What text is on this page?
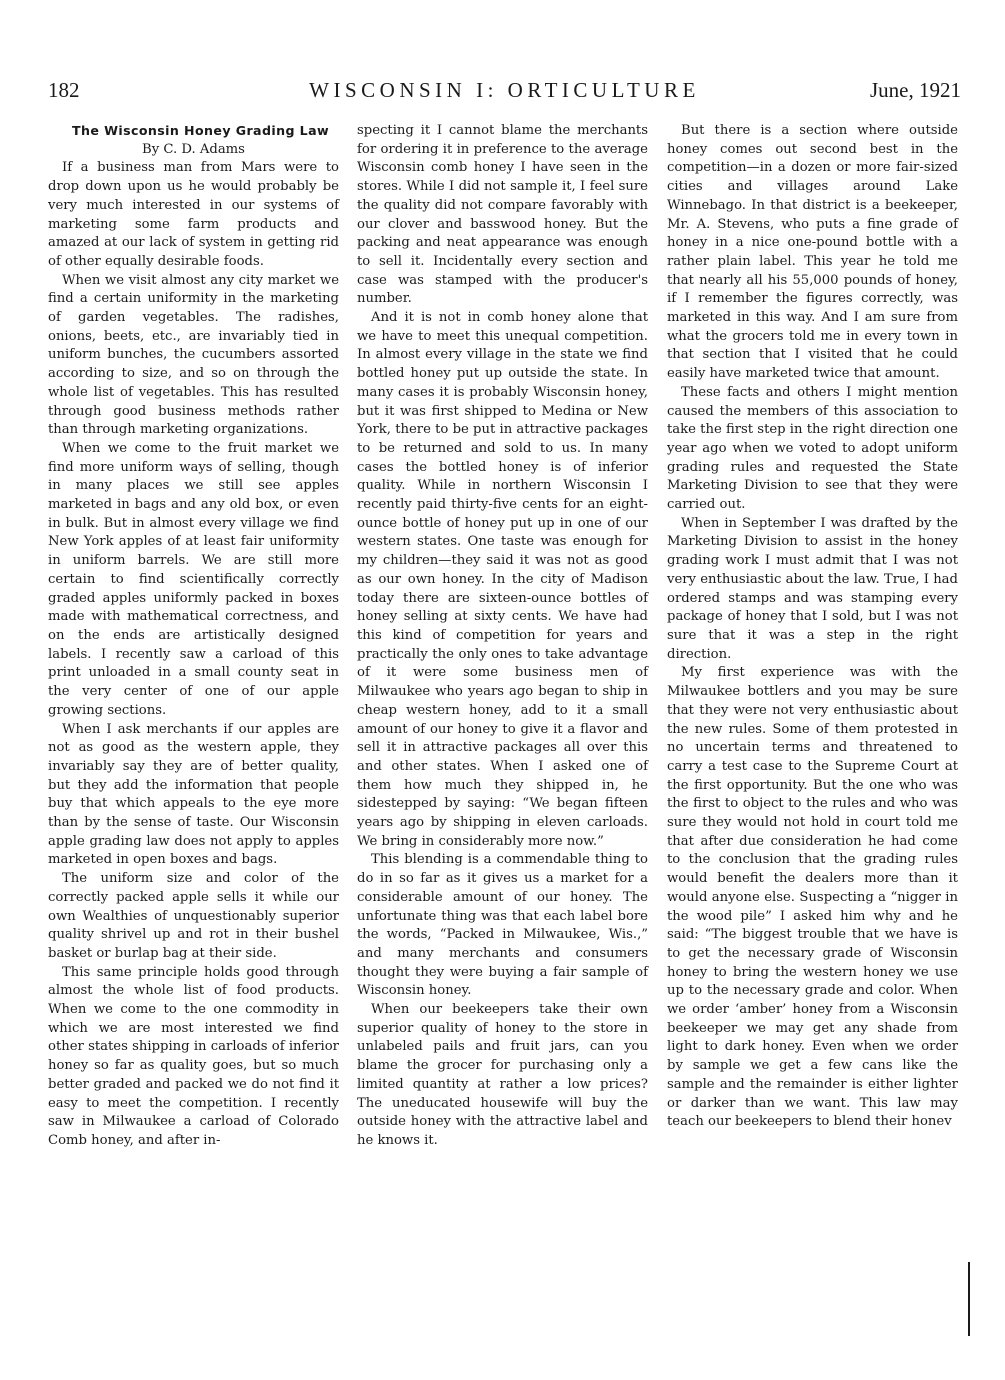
182	WISCONSIN I: ORTICULTURE	June, 1921

The Wisconsin Honey Grading Law

By C. D. Adams

If a business man from Mars were to drop down upon us he would probably be very much interested in our systems of marketing some farm products and amazed at our lack of system in getting rid of other equally desirable foods.

When we visit almost any city market we find a certain uniformity in the marketing of garden vegetables. The radishes, onions, beets, etc., are invariably tied in uniform bunches, the cucumbers assorted according to size, and so on through the whole list of vegetables. This has resulted through good business methods rather than through marketing organizations.

When we come to the fruit market we find more uniform ways of selling, though in many places we still see apples marketed in bags and any old box, or even in bulk. But in almost every village we find New York apples of at least fair uniformity in uniform barrels. We are still more certain to find scientifically correctly graded apples uniformly packed in boxes made with mathematical correctness, and on the ends are artistically designed labels. I recently saw a carload of this print unloaded in a small county seat in the very center of one of our apple growing sections.

When I ask merchants if our apples are not as good as the western apple, they invariably say they are of better quality, but they add the information that people buy that which appeals to the eye more than by the sense of taste. Our Wisconsin apple grading law does not apply to apples marketed in open boxes and bags.

The uniform size and color of the correctly packed apple sells it while our own Wealthies of unquestionably superior quality shrivel up and rot in their bushel basket or burlap bag at their side.

This same principle holds good through almost the whole list of food products. When we come to the one commodity in which we are most interested we find other states shipping in carloads of inferior honey so far as quality goes, but so much better graded and packed we do not find it easy to meet the competition. I recently saw in Milwaukee a carload of Colorado Comb honey, and after in-

specting it I cannot blame the merchants for ordering it in preference to the average Wisconsin comb honey I have seen in the stores. While I did not sample it, I feel sure the quality did not compare favorably with our clover and basswood honey. But the packing and neat appearance was enough to sell it. Incidentally every section and case was stamped with the producer's number.

And it is not in comb honey alone that we have to meet this unequal competition. In almost every village in the state we find bottled honey put up outside the state. In many cases it is probably Wisconsin honey, but it was first shipped to Medina or New York, there to be put in attractive packages to be returned and sold to us. In many cases the bottled honey is of inferior quality. While in northern Wisconsin I recently paid thirty-five cents for an eight-ounce bottle of honey put up in one of our western states. One taste was enough for my children—they said it was not as good as our own honey. In the city of Madison today there are sixteen-ounce bottles of honey selling at sixty cents. We have had this kind of competition for years and practically the only ones to take advantage of it were some business men of Milwaukee who years ago began to ship in cheap western honey, add to it a small amount of our honey to give it a flavor and sell it in attractive packages all over this and other states. When I asked one of them how much they shipped in, he sidestepped by saying: “We began fifteen years ago by shipping in eleven carloads. We bring in considerably more now.”

This blending is a commendable thing to do in so far as it gives us a market for a considerable amount of our honey. The unfortunate thing was that each label bore the words, “Packed in Milwaukee, Wis.,” and many merchants and consumers thought they were buying a fair sample of Wisconsin honey.

When our beekeepers take their own superior quality of honey to the store in unlabeled pails and fruit jars, can you blame the grocer for purchasing only a limited quantity at rather a low prices? The uneducated housewife will buy the outside honey with the attractive label and he knows it.

But there is a section where outside honey comes out second best in the competition—in a dozen or more fair-sized cities and villages around Lake Winnebago. In that district is a beekeeper, Mr. A. Stevens, who puts a fine grade of honey in a nice one-pound bottle with a rather plain label. This year he told me that nearly all his 55,000 pounds of honey, if I remember the figures correctly, was marketed in this way. And I am sure from what the grocers told me in every town in that section that I visited that he could easily have marketed twice that amount.

These facts and others I might mention caused the members of this association to take the first step in the right direction one year ago when we voted to adopt uniform grading rules and requested the State Marketing Division to see that they were carried out.

When in September I was drafted by the Marketing Division to assist in the honey grading work I must admit that I was not very enthusiastic about the law. True, I had ordered stamps and was stamping every package of honey that I sold, but I was not sure that it was a step in the right direction.

My first experience was with the Milwaukee bottlers and you may be sure that they were not very enthusiastic about the new rules. Some of them protested in no uncertain terms and threatened to carry a test case to the Supreme Court at the first opportunity. But the one who was the first to object to the rules and who was sure they would not hold in court told me that after due consideration he had come to the conclusion that the grading rules would benefit the dealers more than it would anyone else. Suspecting a “nigger in the wood pile” I asked him why and he said: “The biggest trouble that we have is to get the necessary grade of Wisconsin honey to bring the western honey we use up to the necessary grade and color. When we order ‘amber’ honey from a Wisconsin beekeeper we may get any shade from light to dark honey. Even when we order by sample we get a few cans like the sample and the remainder is either lighter or darker than we want. This law may teach our beekeepers to blend their honev
